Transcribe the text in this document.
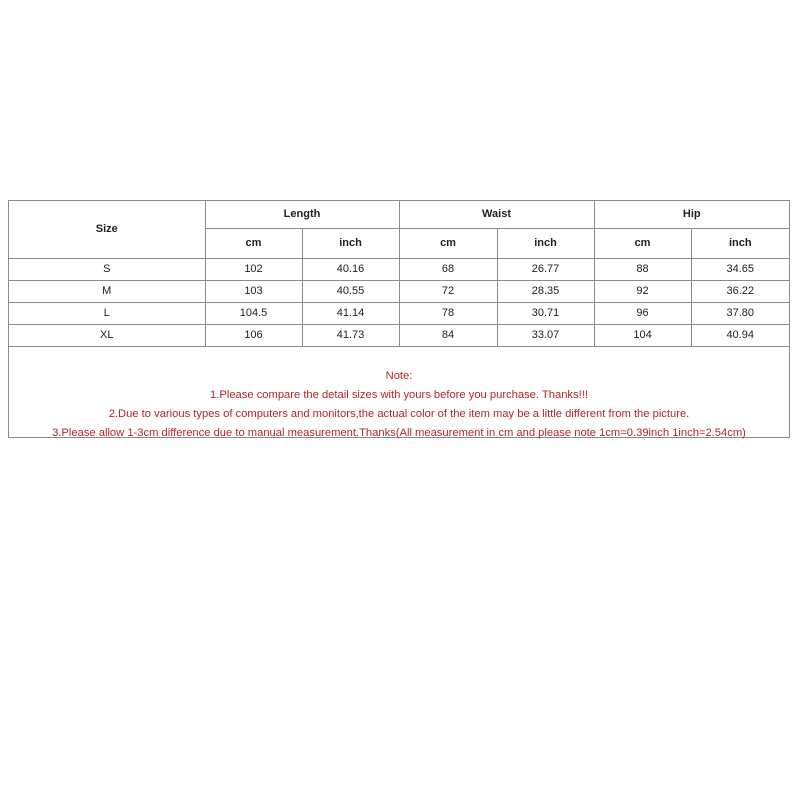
Size	Length		Waist		Hip	
	cm	inch	cm	inch	cm	inch
S	102	40.16	68	26.77	88	34.65
M	103	40.55	72	28.35	92	36.22
L	104.5	41.14	78	30.71	96	37.80
XL	106	41.73	84	33.07	104	40.94
Note:
1.Please compare the detail sizes with yours before you purchase. Thanks!!!
2.Due to various types of computers and monitors,the actual color of the item may be a little different from the picture.
3.Please allow 1-3cm difference due to manual measurement.Thanks(All measurement in cm and please note 1cm=0.39inch 1inch=2.54cm)
